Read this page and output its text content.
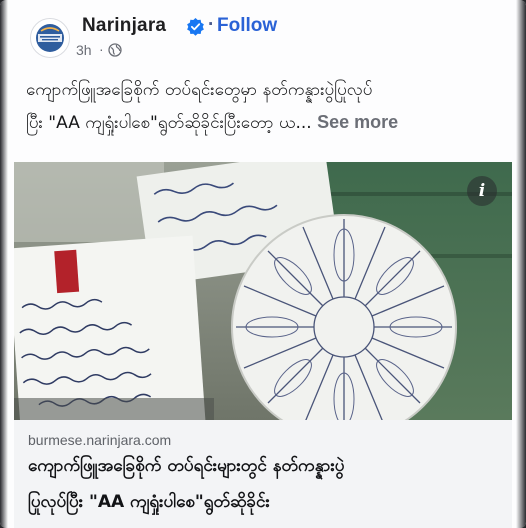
Narinjara · Follow
3h ·
ကျောက်ဖြူအခြေစိုက် တပ်ရင်းတွေမှာ နတ်ကန္နားပွဲပြုလုပ်
ပြီး "AA ကျရှုံးပါစေ"ရွတ်ဆိုခိုင်းပြီးတော့ ယ... See more
i
burmese.narinjara.com
ကျောက်ဖြူအခြေစိုက် တပ်ရင်းများတွင် နတ်ကန္နားပွဲ
ပြုလုပ်ပြီး "AA ကျရှုံးပါစေ"ရွတ်ဆိုခိုင်း
